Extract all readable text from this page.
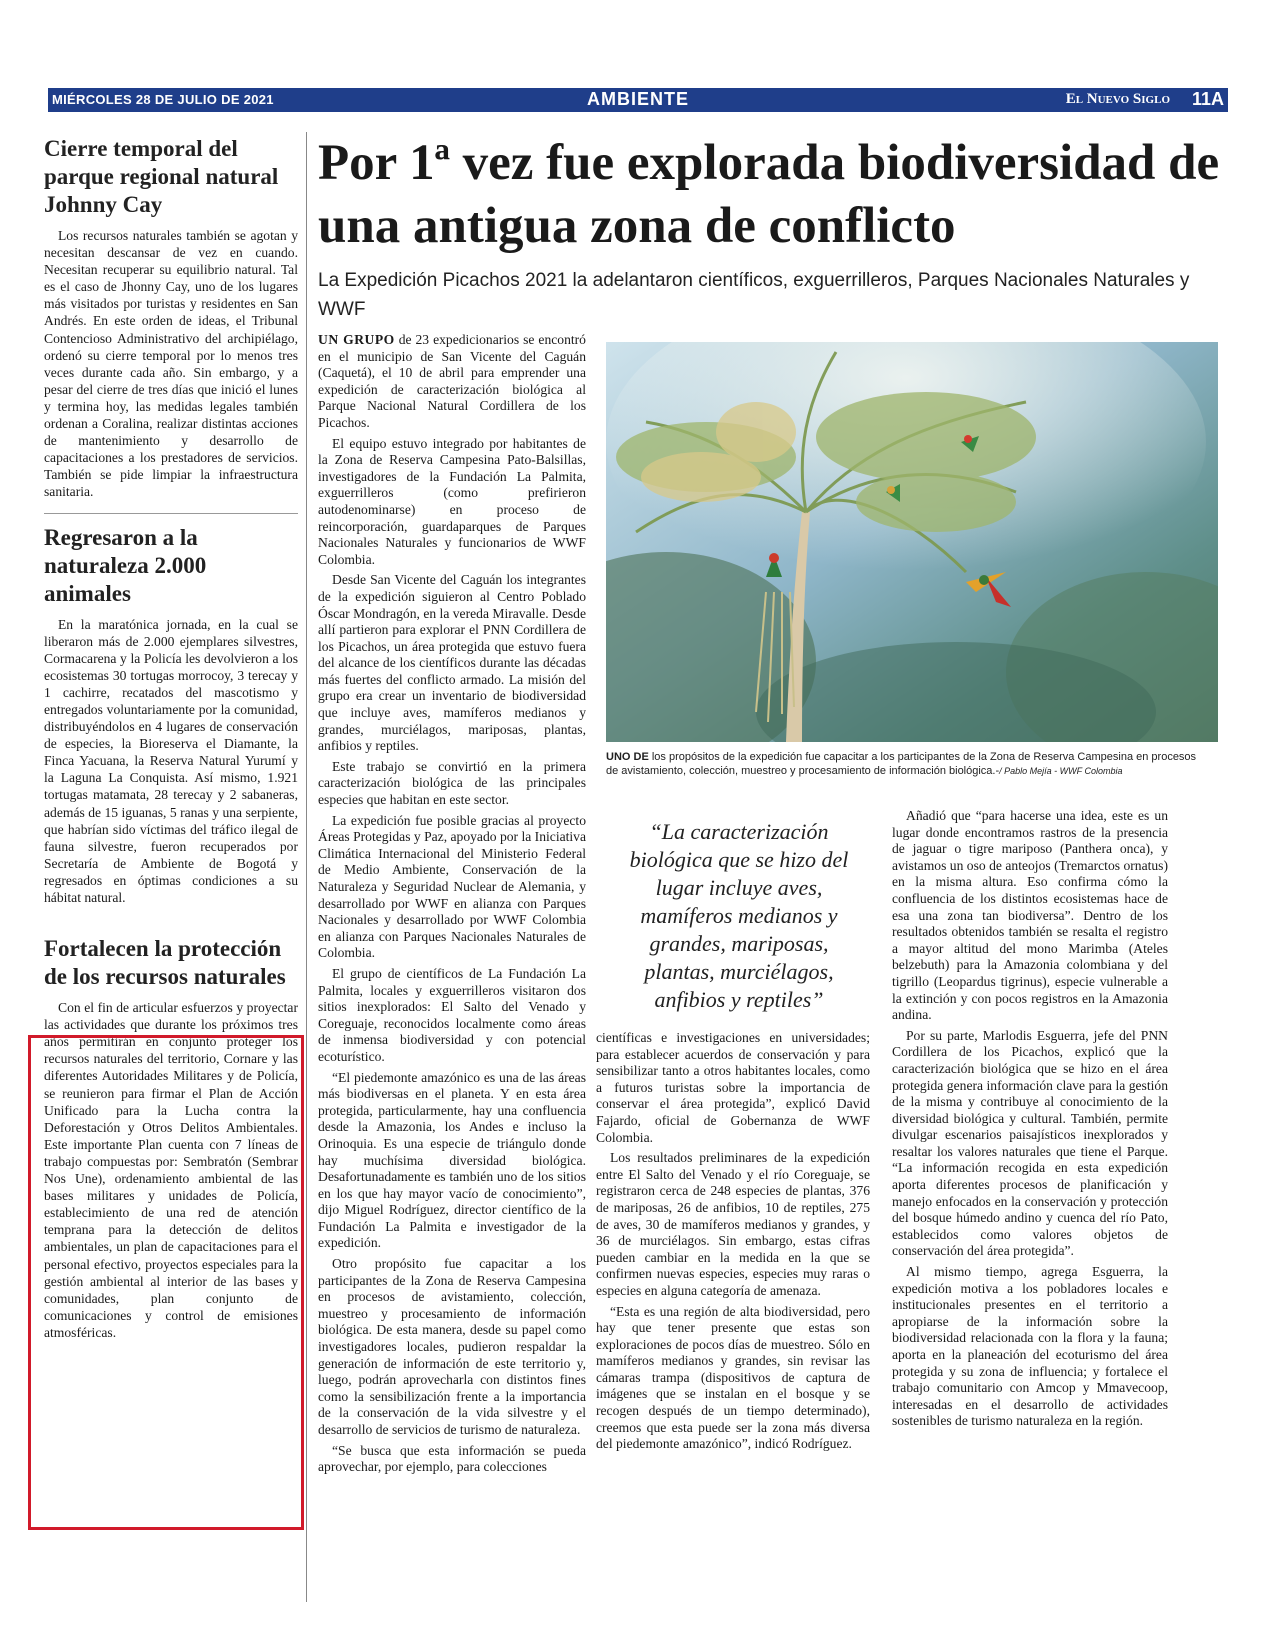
MIÉRCOLES 28 DE JULIO DE 2021	AMBIENTE	El Nuevo Siglo 11A
Cierre temporal del parque regional natural Johnny Cay

Los recursos naturales también se agotan y necesitan descansar de vez en cuando. Necesitan recuperar su equilibrio natural. Tal es el caso de Jhonny Cay, uno de los lugares más visitados por turistas y residentes en San Andrés. En este orden de ideas, el Tribunal Contencioso Administrativo del archipiélago, ordenó su cierre temporal por lo menos tres veces durante cada año. Sin embargo, y a pesar del cierre de tres días que inició el lunes y termina hoy, las medidas legales también ordenan a Coralina, realizar distintas acciones de mantenimiento y desarrollo de capacitaciones a los prestadores de servicios. También se pide limpiar la infraestructura sanitaria.

Regresaron a la naturaleza 2.000 animales

En la maratónica jornada, en la cual se liberaron más de 2.000 ejemplares silvestres, Cormacarena y la Policía les devolvieron a los ecosistemas 30 tortugas morrocoy, 3 terecay y 1 cachirre, recatados del mascotismo y entregados voluntariamente por la comunidad, distribuyéndolos en 4 lugares de conservación de especies, la Bioreserva el Diamante, la Finca Yacuana, la Reserva Natural Yurumí y la Laguna La Conquista. Así mismo, 1.921 tortugas matamata, 28 terecay y 2 sabaneras, además de 15 iguanas, 5 ranas y una serpiente, que habrían sido víctimas del tráfico ilegal de fauna silvestre, fueron recuperados por Secretaría de Ambiente de Bogotá y regresados en óptimas condiciones a su hábitat natural.

Fortalecen la protección de los recursos naturales

Con el fin de articular esfuerzos y proyectar las actividades que durante los próximos tres años permitirán en conjunto proteger los recursos naturales del territorio, Cornare y las diferentes Autoridades Militares y de Policía, se reunieron para firmar el Plan de Acción Unificado para la Lucha contra la Deforestación y Otros Delitos Ambientales. Este importante Plan cuenta con 7 líneas de trabajo compuestas por: Sembratón (Sembrar Nos Une), ordenamiento ambiental de las bases militares y unidades de Policía, establecimiento de una red de atención temprana para la detección de delitos ambientales, un plan de capacitaciones para el personal efectivo, proyectos especiales para la gestión ambiental al interior de las bases y comunidades, plan conjunto de comunicaciones y control de emisiones atmosféricas.

Por 1ª vez fue explorada biodiversidad de una antigua zona de conflicto

La Expedición Picachos 2021 la adelantaron científicos, exguerrilleros, Parques Nacionales Naturales y WWF

UN GRUPO de 23 expedicionarios se encontró en el municipio de San Vicente del Caguán (Caquetá), el 10 de abril para emprender una expedición de caracterización biológica al Parque Nacional Natural Cordillera de los Picachos.

El equipo estuvo integrado por habitantes de la Zona de Reserva Campesina Pato-Balsillas, investigadores de la Fundación La Palmita, exguerrilleros (como prefirieron autodenominarse) en proceso de reincorporación, guardaparques de Parques Nacionales Naturales y funcionarios de WWF Colombia.

Desde San Vicente del Caguán los integrantes de la expedición siguieron al Centro Poblado Óscar Mondragón, en la vereda Miravalle. Desde allí partieron para explorar el PNN Cordillera de los Picachos, un área protegida que estuvo fuera del alcance de los científicos durante las décadas más fuertes del conflicto armado. La misión del grupo era crear un inventario de biodiversidad que incluye aves, mamíferos medianos y grandes, murciélagos, mariposas, plantas, anfibios y reptiles.

Este trabajo se convirtió en la primera caracterización biológica de las principales especies que habitan en este sector.

La expedición fue posible gracias al proyecto Áreas Protegidas y Paz, apoyado por la Iniciativa Climática Internacional del Ministerio Federal de Medio Ambiente, Conservación de la Naturaleza y Seguridad Nuclear de Alemania, y desarrollado por WWF en alianza con Parques Nacionales y desarrollado por WWF Colombia en alianza con Parques Nacionales Naturales de Colombia.

El grupo de científicos de La Fundación La Palmita, locales y exguerrilleros visitaron dos sitios inexplorados: El Salto del Venado y Coreguaje, reconocidos localmente como áreas de inmensa biodiversidad y con potencial ecoturístico.

“El piedemonte amazónico es una de las áreas más biodiversas en el planeta. Y en esta área protegida, particularmente, hay una confluencia desde la Amazonia, los Andes e incluso la Orinoquia. Es una especie de triángulo donde hay muchísima diversidad biológica. Desafortunadamente es también uno de los sitios en los que hay mayor vacío de conocimiento”, dijo Miguel Rodríguez, director científico de la Fundación La Palmita e investigador de la expedición.

Otro propósito fue capacitar a los participantes de la Zona de Reserva Campesina en procesos de avistamiento, colección, muestreo y procesamiento de información biológica. De esta manera, desde su papel como investigadores locales, pudieron respaldar la generación de información de este territorio y, luego, podrán aprovecharla con distintos fines como la sensibilización frente a la importancia de la conservación de la vida silvestre y el desarrollo de servicios de turismo de naturaleza.

“Se busca que esta información se pueda aprovechar, por ejemplo, para colecciones

UNO DE los propósitos de la expedición fue capacitar a los participantes de la Zona de Reserva Campesina en procesos de avistamiento, colección, muestreo y procesamiento de información biológica.-/ Pablo Mejía - WWF Colombia

“La caracterización biológica que se hizo del lugar incluye aves, mamíferos medianos y grandes, mariposas, plantas, murciélagos, anfibios y reptiles”

científicas e investigaciones en universidades; para establecer acuerdos de conservación y para sensibilizar tanto a otros habitantes locales, como a futuros turistas sobre la importancia de conservar el área protegida”, explicó David Fajardo, oficial de Gobernanza de WWF Colombia.

Los resultados preliminares de la expedición entre El Salto del Venado y el río Coreguaje, se registraron cerca de 248 especies de plantas, 376 de mariposas, 26 de anfibios, 10 de reptiles, 275 de aves, 30 de mamíferos medianos y grandes, y 36 de murciélagos. Sin embargo, estas cifras pueden cambiar en la medida en la que se confirmen nuevas especies, especies muy raras o especies en alguna categoría de amenaza.

“Esta es una región de alta biodiversidad, pero hay que tener presente que estas son exploraciones de pocos días de muestreo. Sólo en mamíferos medianos y grandes, sin revisar las cámaras trampa (dispositivos de captura de imágenes que se instalan en el bosque y se recogen después de un tiempo determinado), creemos que esta puede ser la zona más diversa del piedemonte amazónico”, indicó Rodríguez.

Añadió que “para hacerse una idea, este es un lugar donde encontramos rastros de la presencia de jaguar o tigre mariposo (Panthera onca), y avistamos un oso de anteojos (Tremarctos ornatus) en la misma altura. Eso confirma cómo la confluencia de los distintos ecosistemas hace de esa una zona tan biodiversa”. Dentro de los resultados obtenidos también se resalta el registro a mayor altitud del mono Marimba (Ateles belzebuth) para la Amazonia colombiana y del tigrillo (Leopardus tigrinus), especie vulnerable a la extinción y con pocos registros en la Amazonia andina.

Por su parte, Marlodis Esguerra, jefe del PNN Cordillera de los Picachos, explicó que la caracterización biológica que se hizo en el área protegida genera información clave para la gestión de la misma y contribuye al conocimiento de la diversidad biológica y cultural. También, permite divulgar escenarios paisajísticos inexplorados y resaltar los valores naturales que tiene el Parque. “La información recogida en esta expedición aporta diferentes procesos de planificación y manejo enfocados en la conservación y protección del bosque húmedo andino y cuenca del río Pato, establecidos como valores objetos de conservación del área protegida”.

Al mismo tiempo, agrega Esguerra, la expedición motiva a los pobladores locales e institucionales presentes en el territorio a apropiarse de la información sobre la biodiversidad relacionada con la flora y la fauna; aporta en la planeación del ecoturismo del área protegida y su zona de influencia; y fortalece el trabajo comunitario con Amcop y Mmavecoop, interesadas en el desarrollo de actividades sostenibles de turismo naturaleza en la región.
